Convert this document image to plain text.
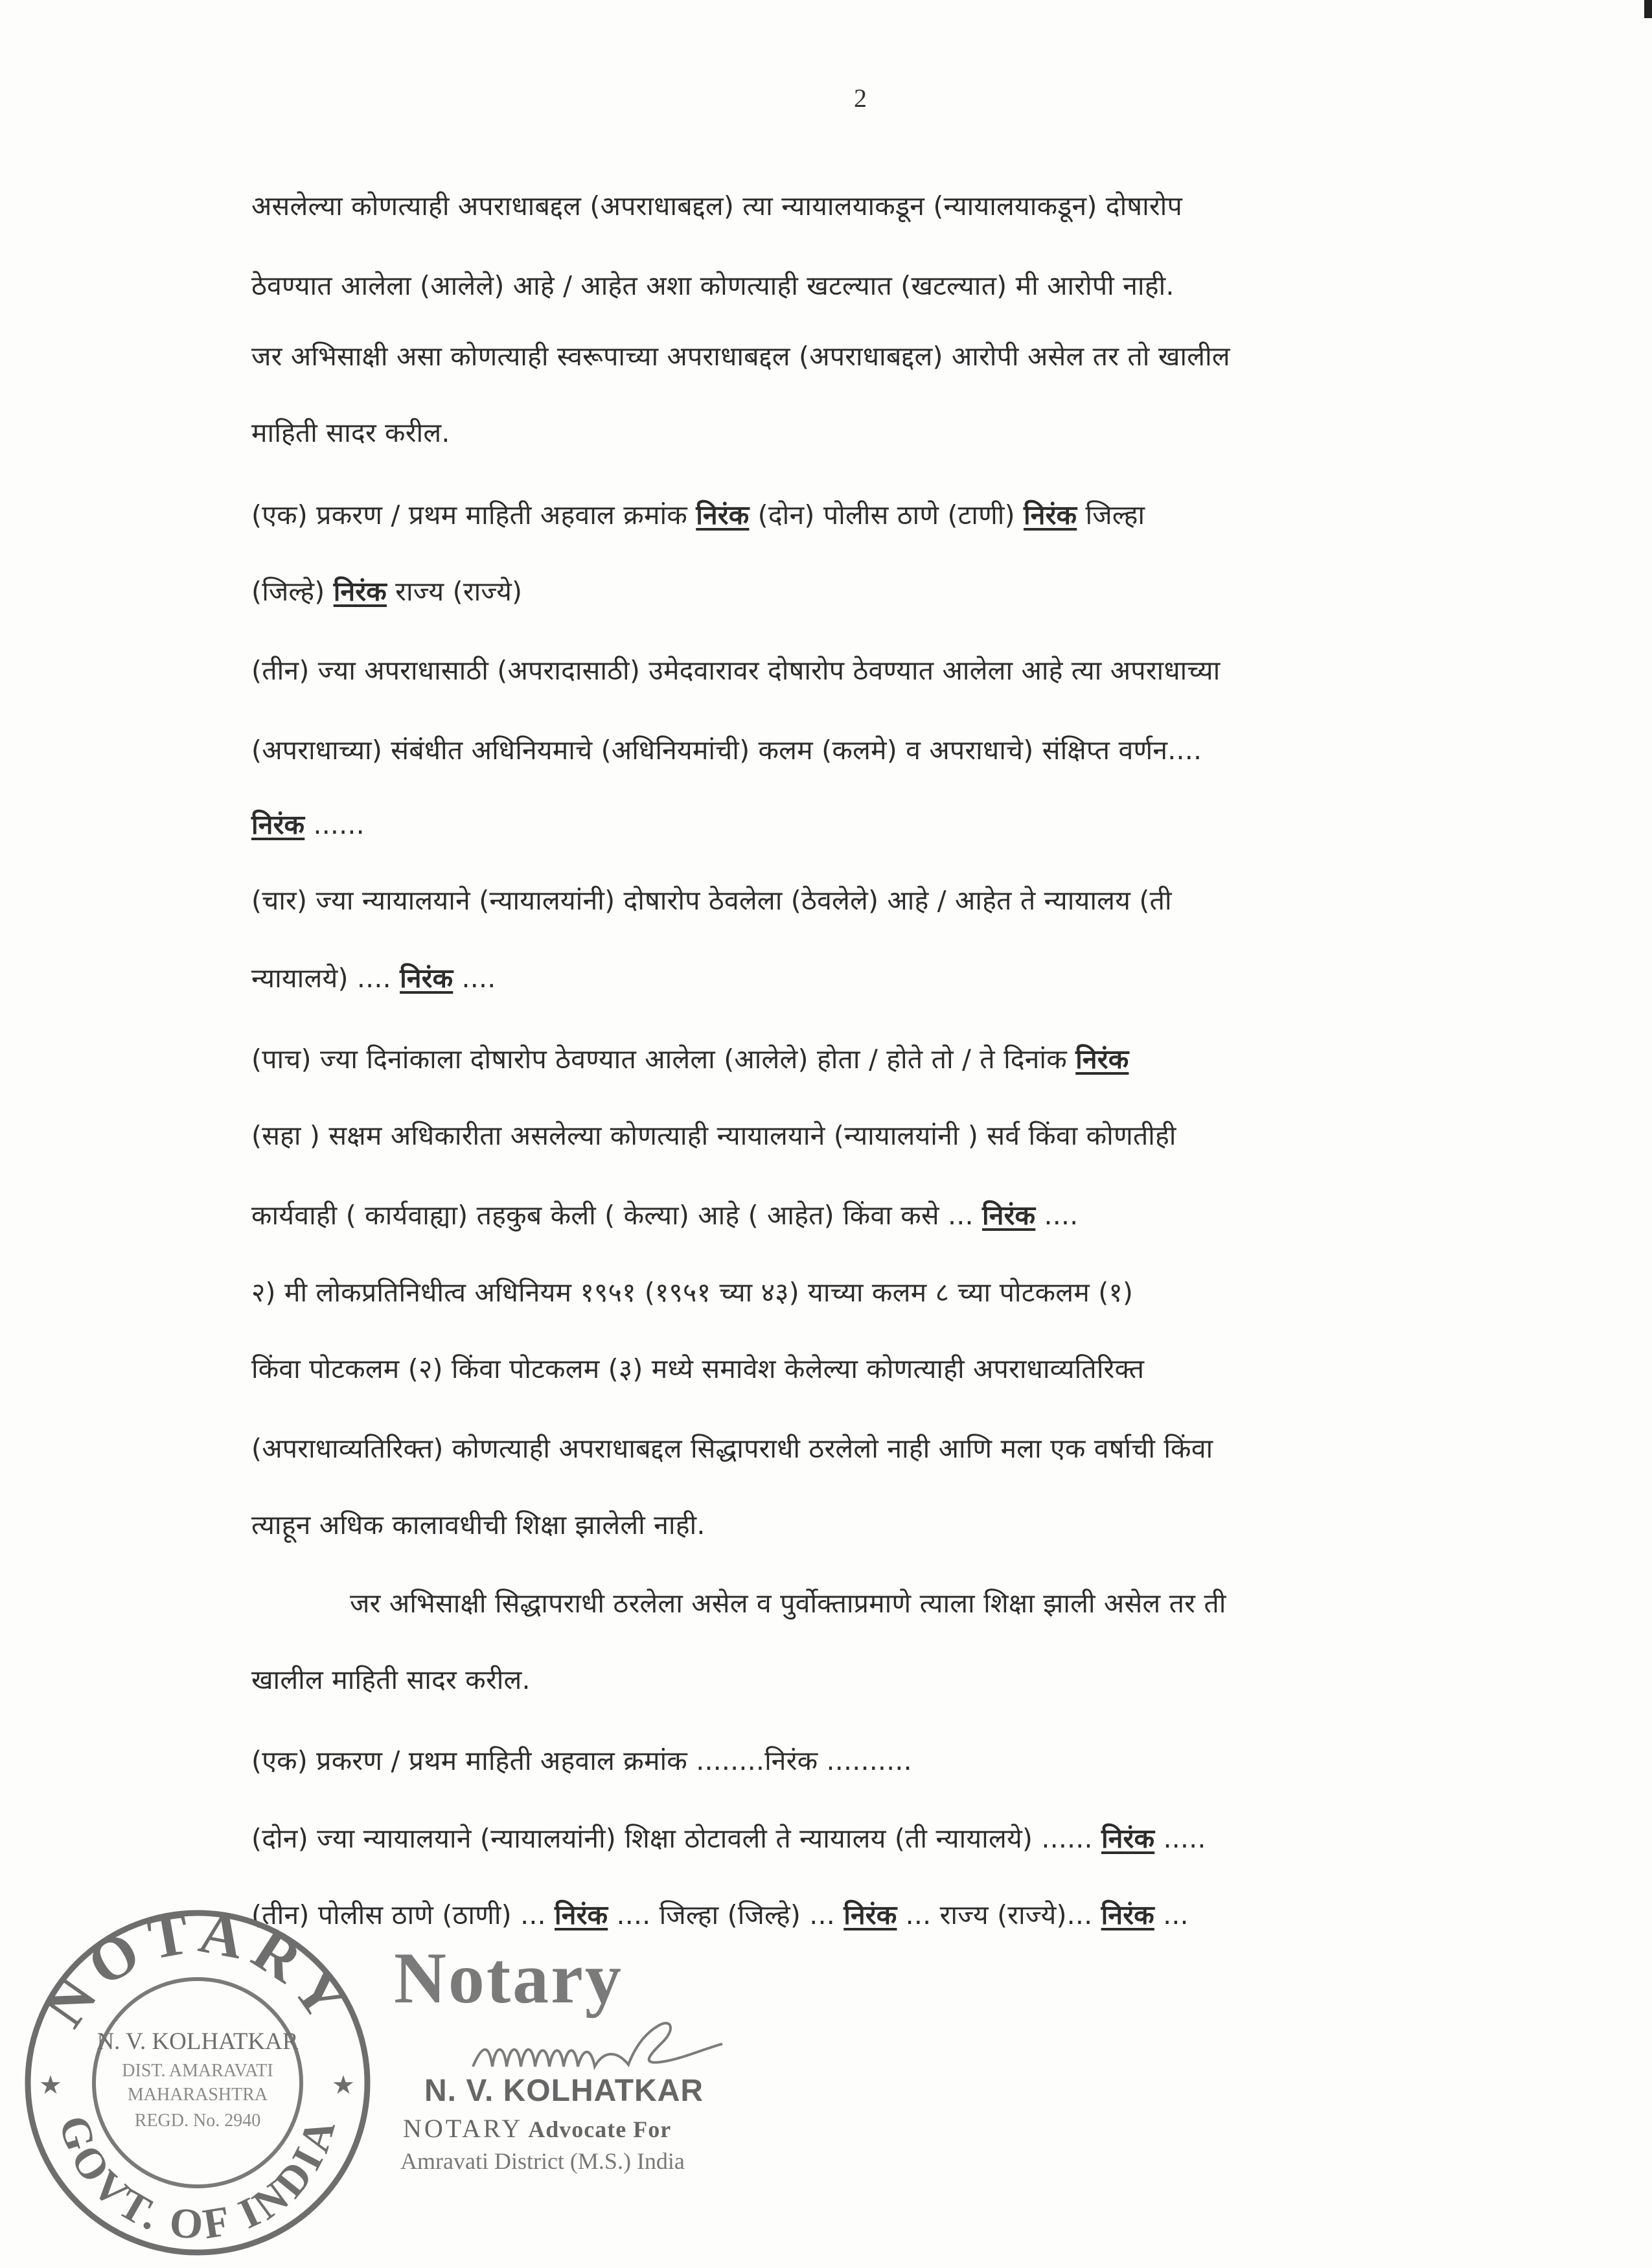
2
असलेल्या कोणत्याही अपराधाबद्दल (अपराधाबद्दल) त्या न्यायालयाकडून (न्यायालयाकडून) दोषारोप
ठेवण्यात आलेला (आलेले) आहे / आहेत अशा कोणत्याही खटल्यात (खटल्यात) मी आरोपी नाही.
जर अभिसाक्षी असा कोणत्याही स्वरूपाच्या अपराधाबद्दल (अपराधाबद्दल) आरोपी असेल तर तो खालील
माहिती सादर करील.
(एक) प्रकरण / प्रथम माहिती अहवाल क्रमांक निरंक (दोन) पोलीस ठाणे (टाणी) निरंक जिल्हा
(जिल्हे) निरंक राज्य (राज्ये)
(तीन) ज्या अपराधासाठी (अपरादासाठी) उमेदवारावर दोषारोप ठेवण्यात आलेला आहे त्या अपराधाच्या
(अपराधाच्या) संबंधीत अधिनियमाचे (अधिनियमांची) कलम (कलमे) व अपराधाचे) संक्षिप्त वर्णन....
निरंक ......
(चार) ज्या न्यायालयाने (न्यायालयांनी) दोषारोप ठेवलेला (ठेवलेले) आहे / आहेत ते न्यायालय (ती
न्यायालये) .... निरंक ....
(पाच) ज्या दिनांकाला दोषारोप ठेवण्यात आलेला (आलेले) होता / होते तो / ते दिनांक निरंक
(सहा ) सक्षम अधिकारीता असलेल्या कोणत्याही न्यायालयाने (न्यायालयांनी ) सर्व किंवा कोणतीही
कार्यवाही ( कार्यवाह्या) तहकुब केली ( केल्या) आहे ( आहेत) किंवा कसे ... निरंक ....
२) मी लोकप्रतिनिधीत्व अधिनियम १९५१ (१९५१ च्या ४३) याच्या कलम ८ च्या पोटकलम (१)
किंवा पोटकलम (२) किंवा पोटकलम (३) मध्ये समावेश केलेल्या कोणत्याही अपराधाव्यतिरिक्त
(अपराधाव्यतिरिक्त) कोणत्याही अपराधाबद्दल सिद्धापराधी ठरलेलो नाही आणि मला एक वर्षाची किंवा
त्याहून अधिक कालावधीची शिक्षा झालेली नाही.
जर अभिसाक्षी सिद्धापराधी ठरलेला असेल व पुर्वोक्ताप्रमाणे त्याला शिक्षा झाली असेल तर ती
खालील माहिती सादर करील.
(एक) प्रकरण / प्रथम माहिती अहवाल क्रमांक ........निरंक ..........
(दोन) ज्या न्यायालयाने (न्यायालयांनी) शिक्षा ठोटावली ते न्यायालय (ती न्यायालये) ...... निरंक .....
(तीन) पोलीस ठाणे (ठाणी) ... निरंक .... जिल्हा (जिल्हे) ... निरंक ... राज्य (राज्ये)... निरंक ...
NOTARY
GOVT. OF INDIA
★	★
N. V. KOLHATKAR
DIST. AMARAVATI
MAHARASHTRA
REGD. No. 2940
Notary
N. V. KOLHATKAR
NOTARY Advocate For
Amravati District (M.S.) India
